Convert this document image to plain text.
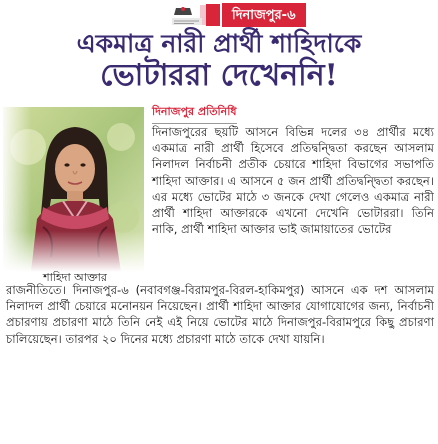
দিনাজপুর-৬
একমাত্র নারী প্রার্থী শাহিদাকে
ভোটাররা দেখেননি!
দিনাজপুর প্রতিনিধি
শাহিদা আক্তার
দিনাজপুরের ছয়টি আসনে বিভিন্ন দলের ৩৪ প্রার্থীর মধ্যে একমাত্র নারী প্রার্থী হিসেবে প্রতিদ্বন্দ্বিতা করছেন আসলাম নিলাদল নির্বাচনী প্রতীক চেয়ারে শাহিদা বিভাগের সভাপতি শাহিদা আক্তার। এ আসনে ৫ জন প্রার্থী প্রতিদ্বন্দ্বিতা করছেন। এর মধ্যে ভোটের মাঠে ৩ জনকে দেখা গেলেও একমাত্র নারী প্রার্থী শাহিদা আক্তারকে এখনো দেখেনি ভোটাররা। তিনি নাকি, প্রার্থী শাহিদা আক্তার ভাই জামায়াতের ভোটের
রাজনীতিতে। দিনাজপুর-৬ (নবাবগঞ্জ-বিরামপুর-বিরল-হাকিমপুর) আসনে এক দশ আসলাম নিলাদল প্রার্থী চেয়ারে মনোনয়ন নিয়েছেন। প্রার্থী শাহিদা আক্তার যোগাযোগের জন্য, নির্বাচনী প্রচারণায় প্রচারণা মাঠে তিনি নেই এই নিয়ে ভোটের মাঠে দিনাজপুর-বিরামপুরে কিছু প্রচারণা চালিয়েছেন। তারপর ২০ দিনের মধ্যে প্রচারণা মাঠে তাকে দেখা যায়নি।
